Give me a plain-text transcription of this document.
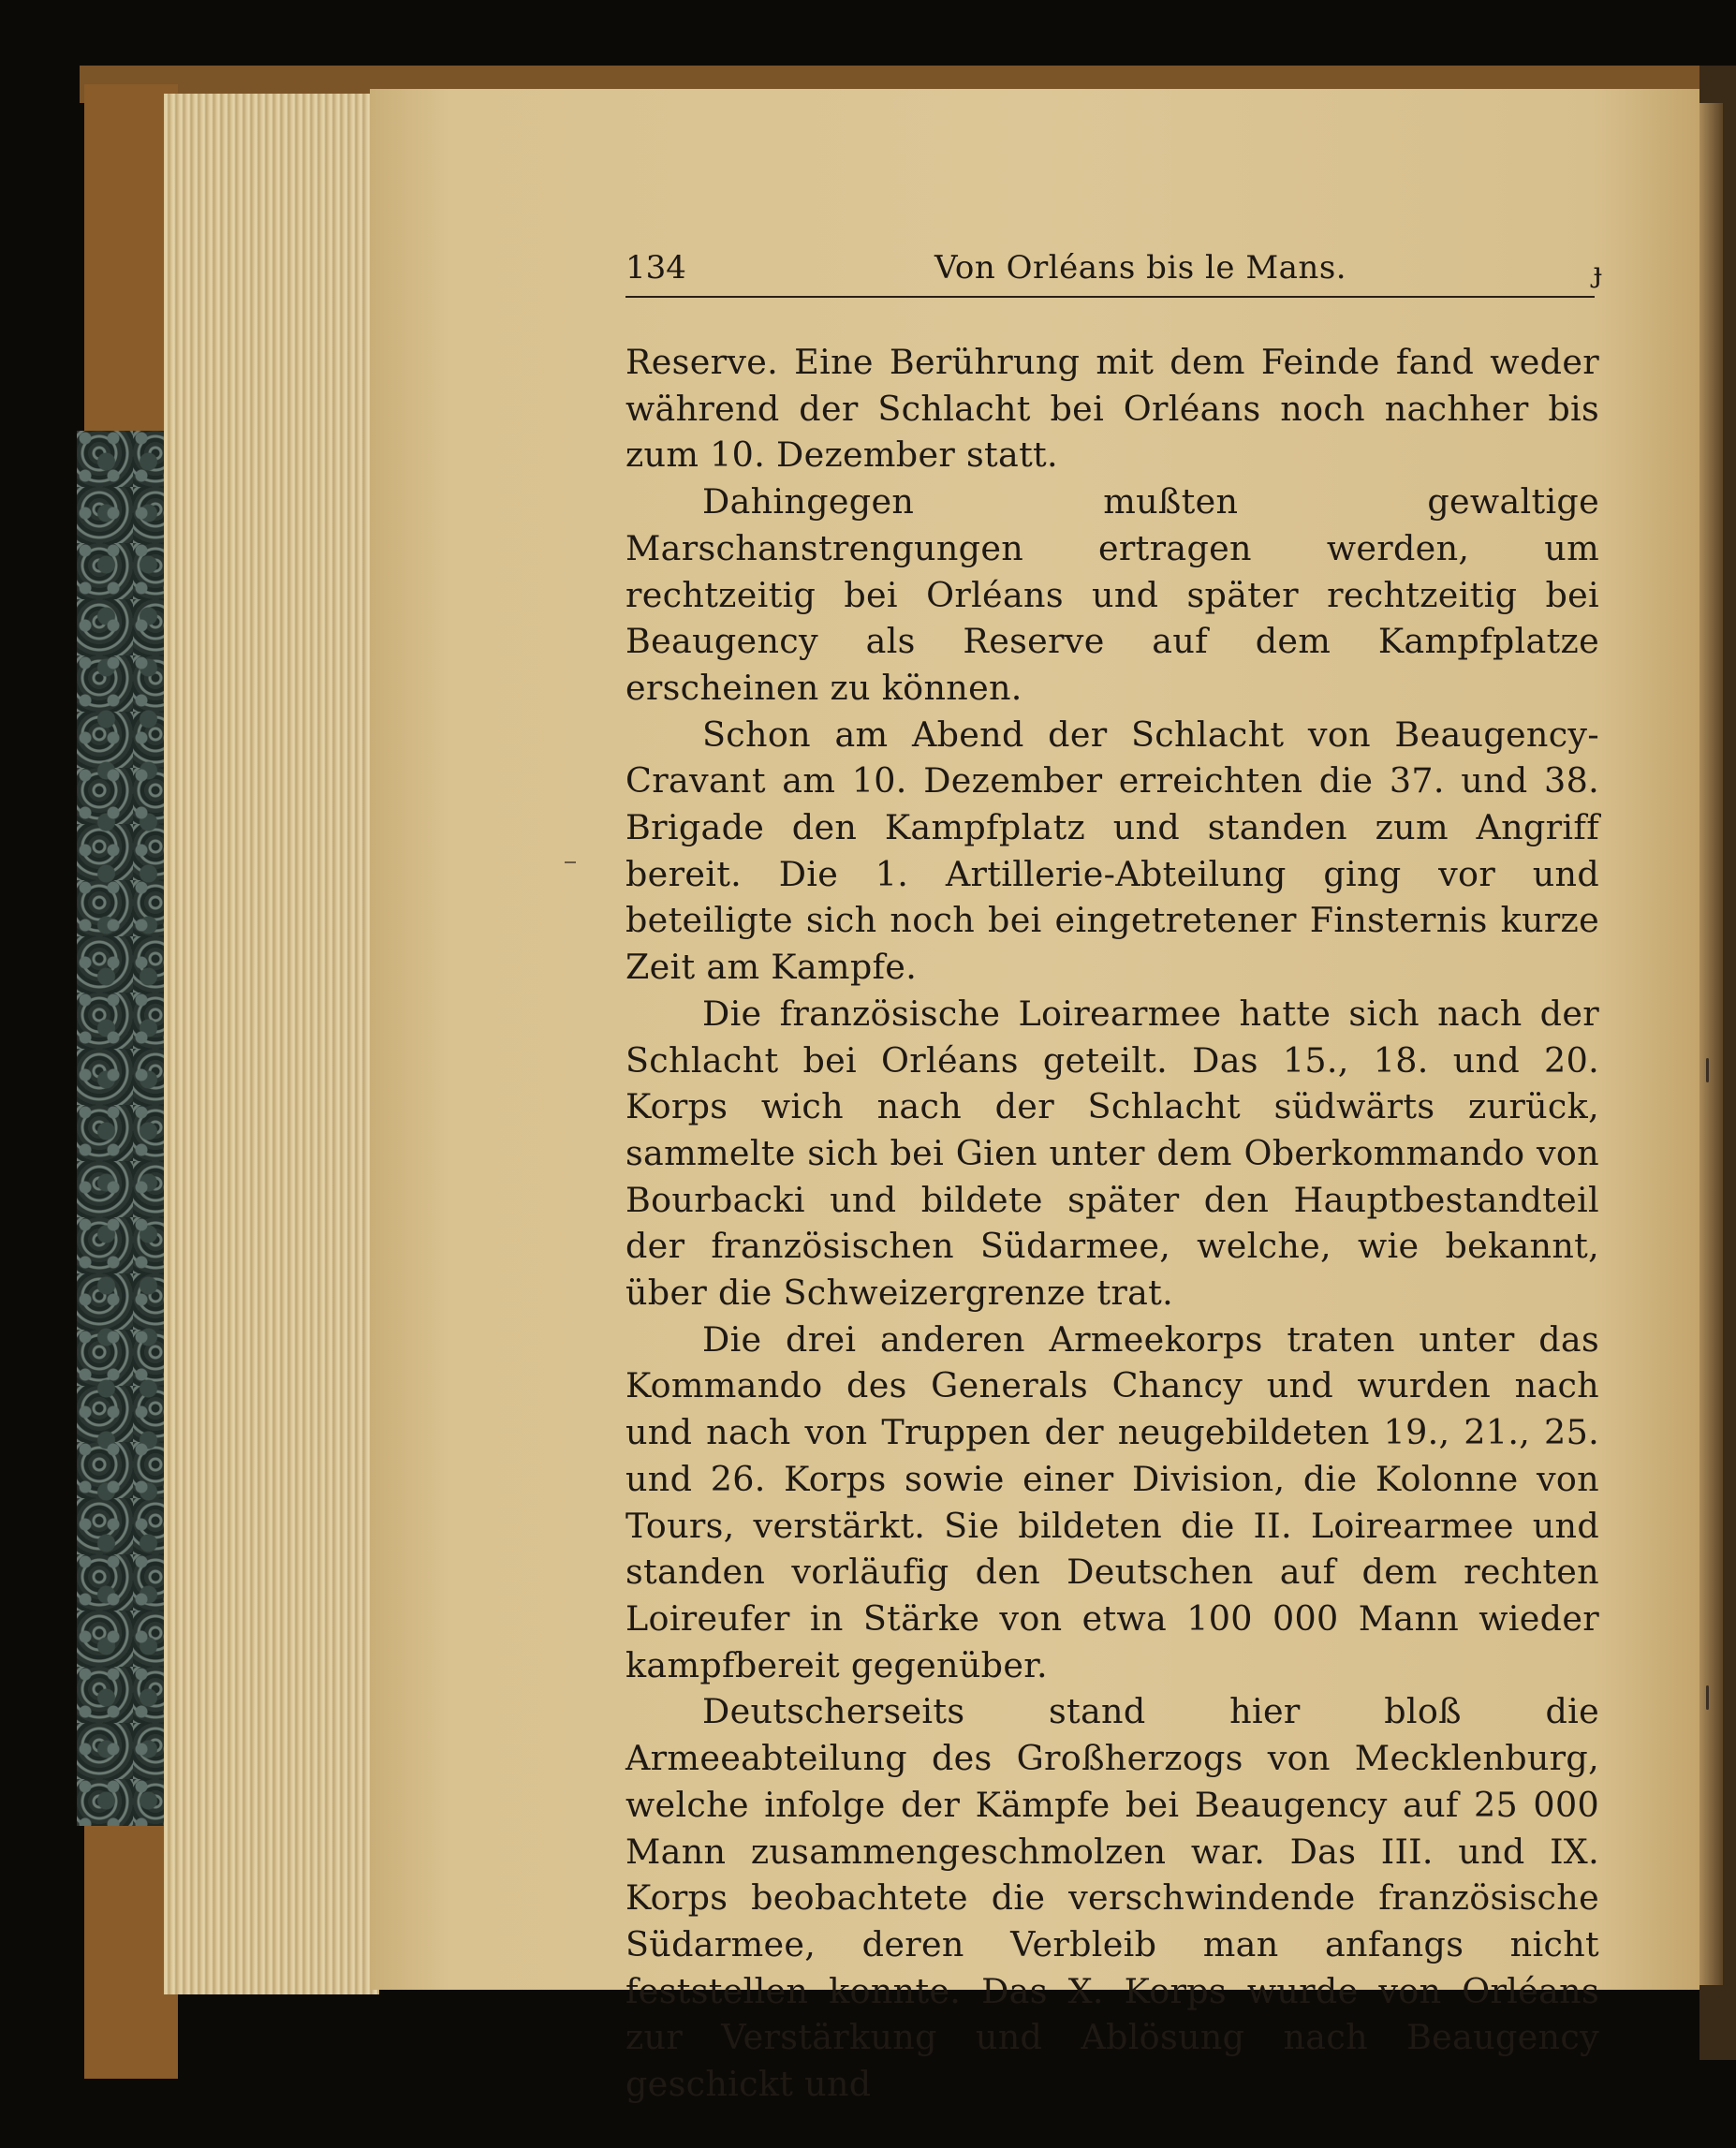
134	Von Orléans bis le Mans.	ɟ

Reserve. Eine Berührung mit dem Feinde fand weder während der Schlacht bei Orléans noch nachher bis zum 10. Dezember statt.

Dahingegen mußten gewaltige Marschanstrengungen ertragen werden, um rechtzeitig bei Orléans und später rechtzeitig bei Beaugency als Reserve auf dem Kampfplatze erscheinen zu können.

Schon am Abend der Schlacht von Beaugency-Cravant am 10. Dezember erreichten die 37. und 38. Brigade den Kampfplatz und standen zum Angriff bereit. Die 1. Artillerie-Abteilung ging vor und beteiligte sich noch bei eingetretener Finsternis kurze Zeit am Kampfe.

Die französische Loirearmee hatte sich nach der Schlacht bei Orléans geteilt. Das 15., 18. und 20. Korps wich nach der Schlacht südwärts zurück, sammelte sich bei Gien unter dem Oberkommando von Bourbacki und bildete später den Hauptbestandteil der französischen Südarmee, welche, wie bekannt, über die Schweizergrenze trat.

Die drei anderen Armeekorps traten unter das Kommando des Generals Chancy und wurden nach und nach von Truppen der neugebildeten 19., 21., 25. und 26. Korps sowie einer Division, die Kolonne von Tours, verstärkt. Sie bildeten die II. Loirearmee und standen vorläufig den Deutschen auf dem rechten Loireufer in Stärke von etwa 100 000 Mann wieder kampfbereit gegenüber.

Deutscherseits stand hier bloß die Armeeabteilung des Großherzogs von Mecklenburg, welche infolge der Kämpfe bei Beaugency auf 25 000 Mann zusammengeschmolzen war. Das III. und IX. Korps beobachtete die verschwindende französische Südarmee, deren Verbleib man anfangs nicht feststellen konnte. Das X. Korps wurde von Orléans zur Verstärkung und Ablösung nach Beaugency geschickt und
